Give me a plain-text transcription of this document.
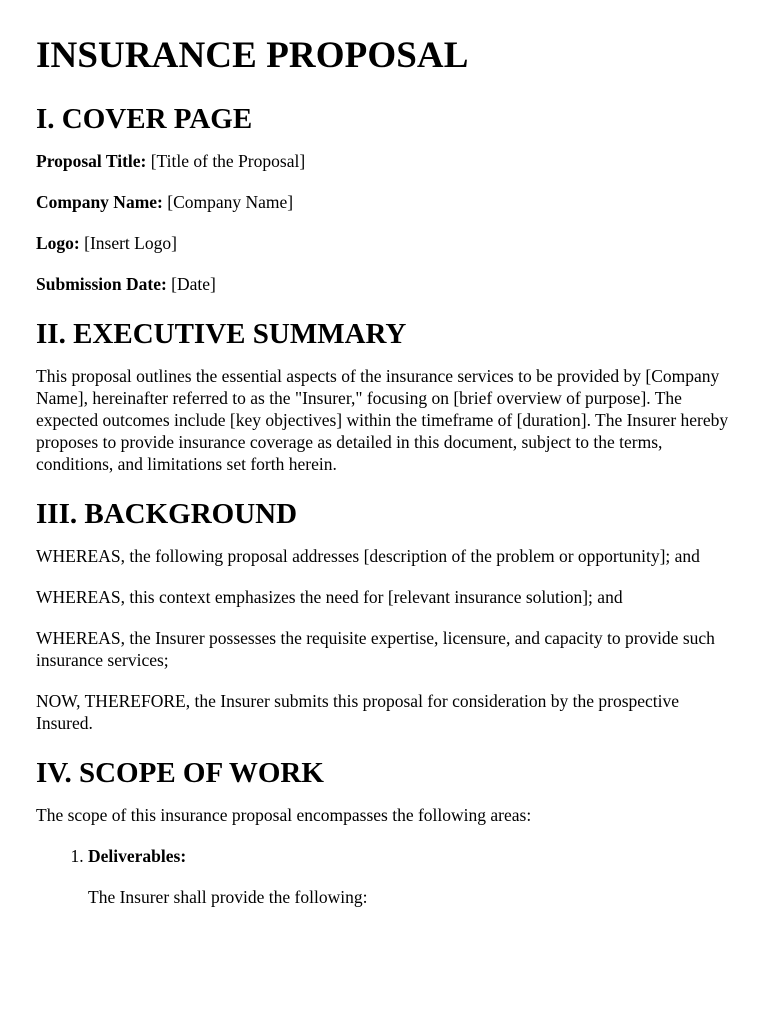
INSURANCE PROPOSAL
I. COVER PAGE

Proposal Title: [Title of the Proposal]

Company Name: [Company Name]

Logo: [Insert Logo]

Submission Date: [Date]

II. EXECUTIVE SUMMARY

This proposal outlines the essential aspects of the insurance services to be provided by [Company Name], hereinafter referred to as the "Insurer," focusing on [brief overview of purpose]. The expected outcomes include [key objectives] within the timeframe of [duration]. The Insurer hereby proposes to provide insurance coverage as detailed in this document, subject to the terms, conditions, and limitations set forth herein.

III. BACKGROUND

WHEREAS, the following proposal addresses [description of the problem or opportunity]; and

WHEREAS, this context emphasizes the need for [relevant insurance solution]; and

WHEREAS, the Insurer possesses the requisite expertise, licensure, and capacity to provide such insurance services;

NOW, THEREFORE, the Insurer submits this proposal for consideration by the prospective Insured.

IV. SCOPE OF WORK

The scope of this insurance proposal encompasses the following areas:

1. Deliverables:

The Insurer shall provide the following:
